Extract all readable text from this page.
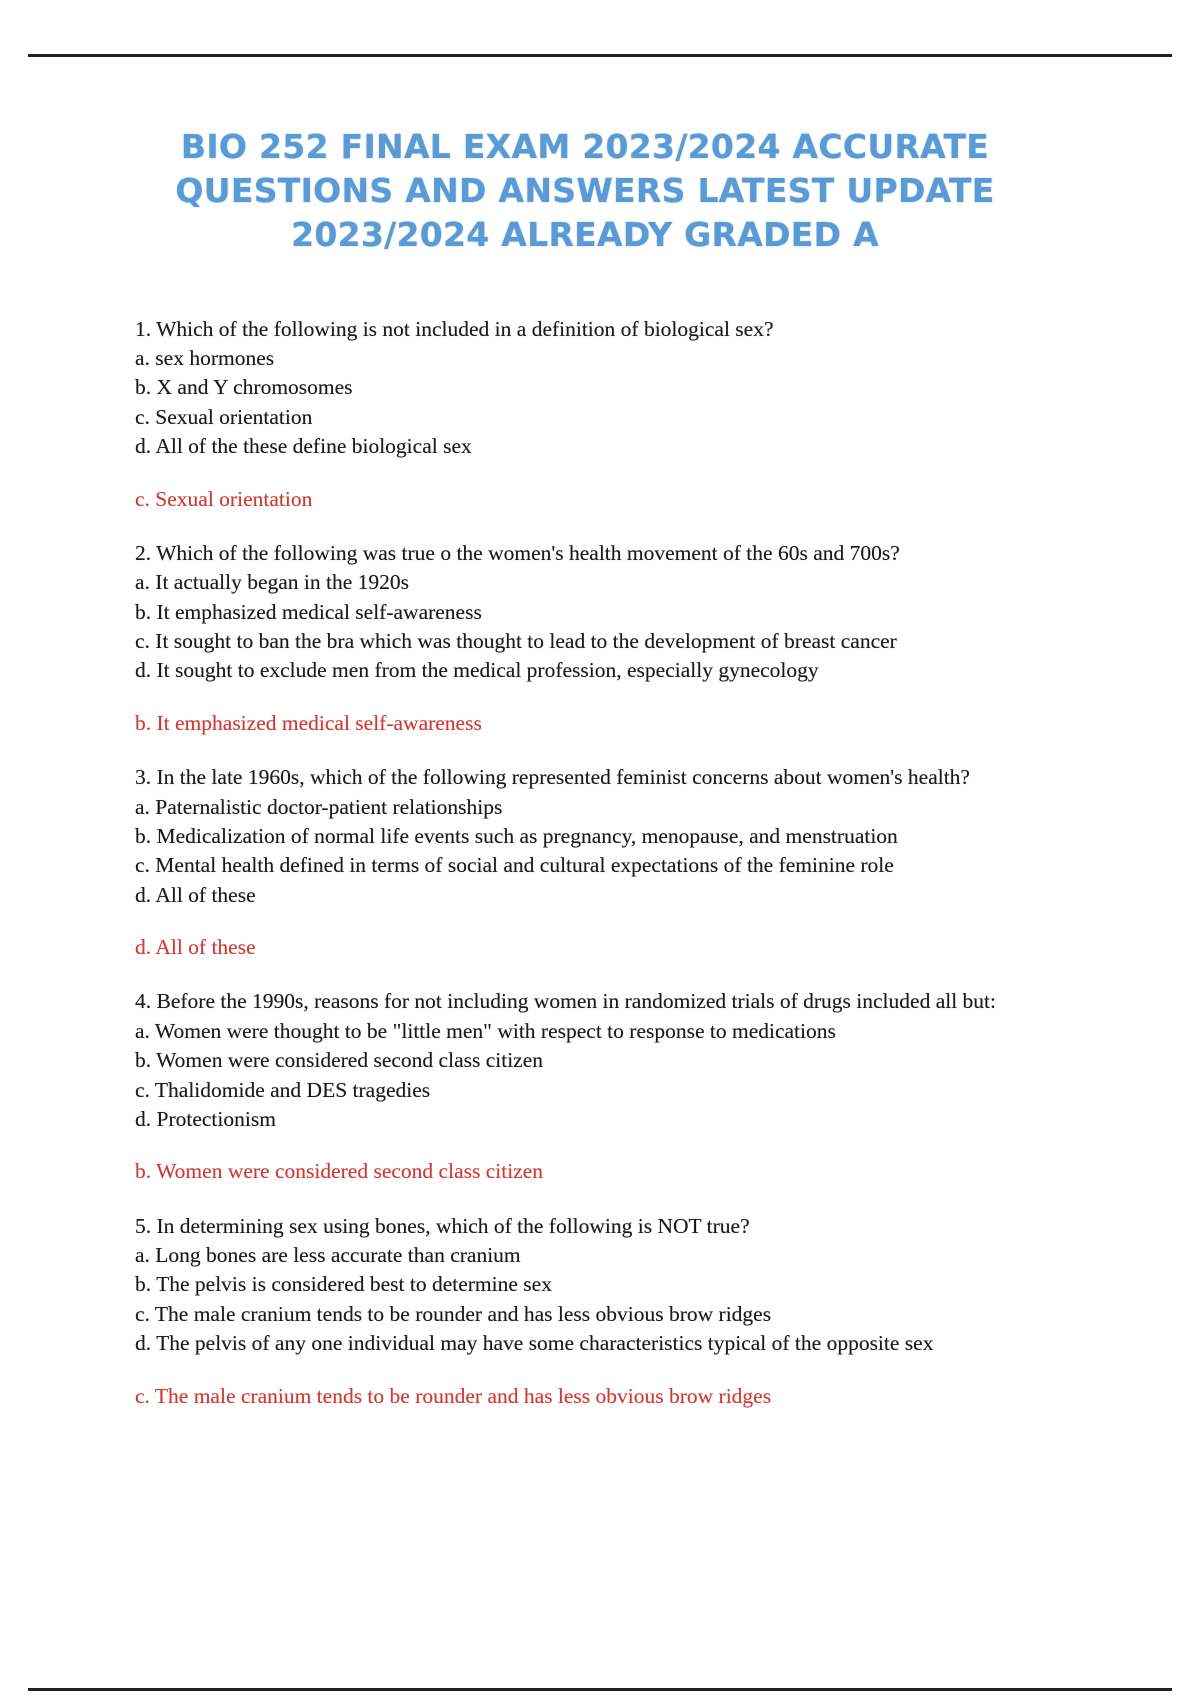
BIO 252 FINAL EXAM 2023/2024 ACCURATE
QUESTIONS AND ANSWERS LATEST UPDATE
2023/2024 ALREADY GRADED A

1. Which of the following is not included in a definition of biological sex?

a. sex hormones

b. X and Y chromosomes

c. Sexual orientation

d. All of the these define biological sex

c. Sexual orientation

2. Which of the following was true o the women's health movement of the 60s and 700s?

a. It actually began in the 1920s

b. It emphasized medical self-awareness

c. It sought to ban the bra which was thought to lead to the development of breast cancer

d. It sought to exclude men from the medical profession, especially gynecology

b. It emphasized medical self-awareness

3. In the late 1960s, which of the following represented feminist concerns about women's health?

a. Paternalistic doctor-patient relationships

b. Medicalization of normal life events such as pregnancy, menopause, and menstruation

c. Mental health defined in terms of social and cultural expectations of the feminine role

d. All of these

d. All of these

4. Before the 1990s, reasons for not including women in randomized trials of drugs included all but:

a. Women were thought to be "little men" with respect to response to medications

b. Women were considered second class citizen

c. Thalidomide and DES tragedies

d. Protectionism

b. Women were considered second class citizen

5. In determining sex using bones, which of the following is NOT true?

a. Long bones are less accurate than cranium

b. The pelvis is considered best to determine sex

c. The male cranium tends to be rounder and has less obvious brow ridges

d. The pelvis of any one individual may have some characteristics typical of the opposite sex

c. The male cranium tends to be rounder and has less obvious brow ridges
